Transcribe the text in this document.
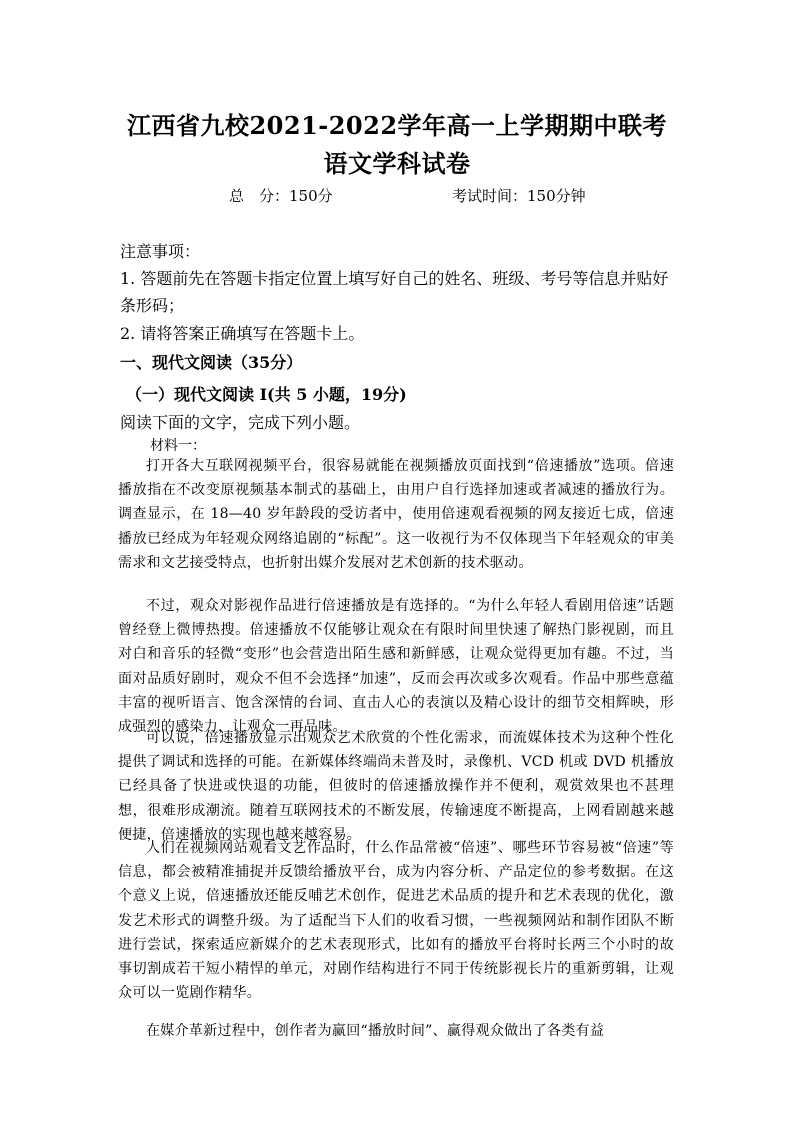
江西省九校2021-2022学年高一上学期期中联考
语文学科试卷

总　分：150分	考试时间：150分钟

注意事项：

1. 答题前先在答题卡指定位置上填写好自己的姓名、班级、考号等信息并贴好

条形码；

2. 请将答案正确填写在答题卡上。

一、现代文阅读（35分）

（一）现代文阅读 I(共 5 小题，19分)

阅读下面的文字，完成下列小题。

材料一：

打开各大互联网视频平台，很容易就能在视频播放页面找到“倍速播放”选项。倍速播放指在不改变原视频基本制式的基础上，由用户自行选择加速或者减速的播放行为。调查显示，在 18—40 岁年龄段的受访者中，使用倍速观看视频的网友接近七成，倍速播放已经成为年轻观众网络追剧的“标配”。这一收视行为不仅体现当下年轻观众的审美需求和文艺接受特点，也折射出媒介发展对艺术创新的技术驱动。

不过，观众对影视作品进行倍速播放是有选择的。“为什么年轻人看剧用倍速”话题曾经登上微博热搜。倍速播放不仅能够让观众在有限时间里快速了解热门影视剧，而且对白和音乐的轻微“变形”也会营造出陌生感和新鲜感，让观众觉得更加有趣。不过，当面对品质好剧时，观众不但不会选择“加速”，反而会再次或多次观看。作品中那些意蕴丰富的视听语言、饱含深情的台词、直击人心的表演以及精心设计的细节交相辉映，形成强烈的感染力，让观众一再品味。

可以说，倍速播放显示出观众艺术欣赏的个性化需求，而流媒体技术为这种个性化提供了调试和选择的可能。在新媒体终端尚未普及时，录像机、VCD 机或 DVD 机播放已经具备了快进或快退的功能，但彼时的倍速播放操作并不便利，观赏效果也不甚理想，很难形成潮流。随着互联网技术的不断发展，传输速度不断提高，上网看剧越来越便捷，倍速播放的实现也越来越容易。

人们在视频网站观看文艺作品时，什么作品常被“倍速”、哪些环节容易被“倍速”等信息，都会被精准捕捉并反馈给播放平台，成为内容分析、产品定位的参考数据。在这个意义上说，倍速播放还能反哺艺术创作，促进艺术品质的提升和艺术表现的优化，激发艺术形式的调整升级。为了适配当下人们的收看习惯，一些视频网站和制作团队不断进行尝试，探索适应新媒介的艺术表现形式，比如有的播放平台将时长两三个小时的故事切割成若干短小精悍的单元，对剧作结构进行不同于传统影视长片的重新剪辑，让观众可以一览剧作精华。

在媒介革新过程中，创作者为赢回“播放时间”、赢得观众做出了各类有益
